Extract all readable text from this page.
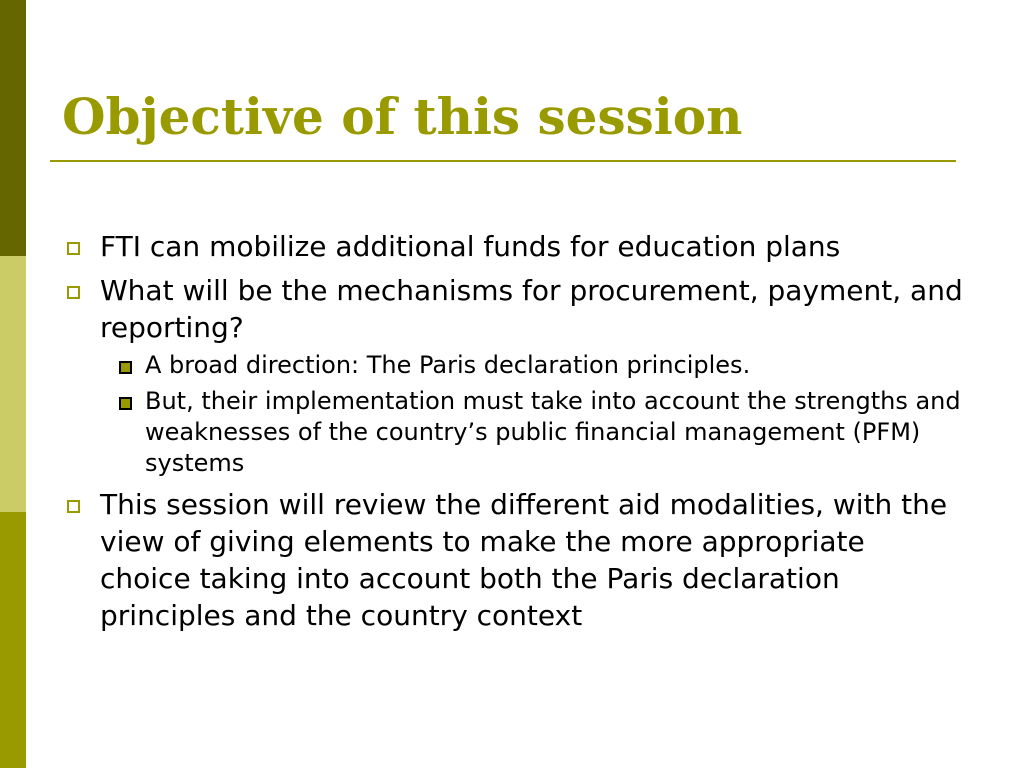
Objective of this session
FTI can mobilize additional funds for education plans
What will be the mechanisms for procurement, payment, and reporting?
A broad direction: The Paris declaration principles.
But, their implementation must take into account the strengths and weaknesses of the country’s public financial management (PFM) systems
This session will review the different aid modalities, with the view of giving elements to make the more appropriate choice taking into account both the Paris declaration principles and the country context
